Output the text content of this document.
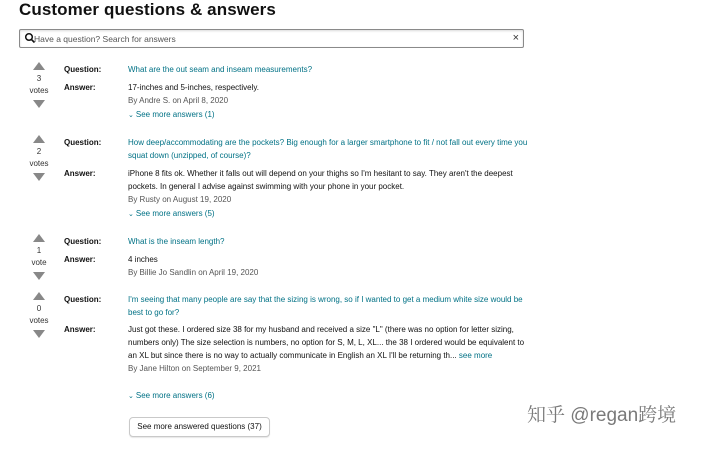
Customer questions & answers
Have a question? Search for answers
×
3
votes
Question:	What are the out seam and inseam measurements?
Answer:	17-inches and 5-inches, respectively.
By Andre S. on April 8, 2020
⌄ See more answers (1)
2
votes
Question:	How deep/accommodating are the pockets? Big enough for a larger smartphone to fit / not fall out every time you squat down (unzipped, of course)?
Answer:	iPhone 8 fits ok. Whether it falls out will depend on your thighs so I'm hesitant to say. They aren't the deepest pockets. In general I advise against swimming with your phone in your pocket.
By Rusty on August 19, 2020
⌄ See more answers (5)
1
vote
Question:	What is the inseam length?
Answer:	4 inches
By Billie Jo Sandlin on April 19, 2020
0
votes
Question:	I'm seeing that many people are say that the sizing is wrong, so if I wanted to get a medium white size would be best to go for?
Answer:	Just got these. I ordered size 38 for my husband and received a size "L" (there was no option for letter sizing, numbers only) The size selection is numbers, no option for S, M, L, XL... the 38 I ordered would be equivalent to an XL but since there is no way to actually communicate in English an XL I'll be returning th... see more
By Jane Hilton on September 9, 2021
⌄ See more answers (6)
See more answered questions (37)
知乎 @regan跨境
